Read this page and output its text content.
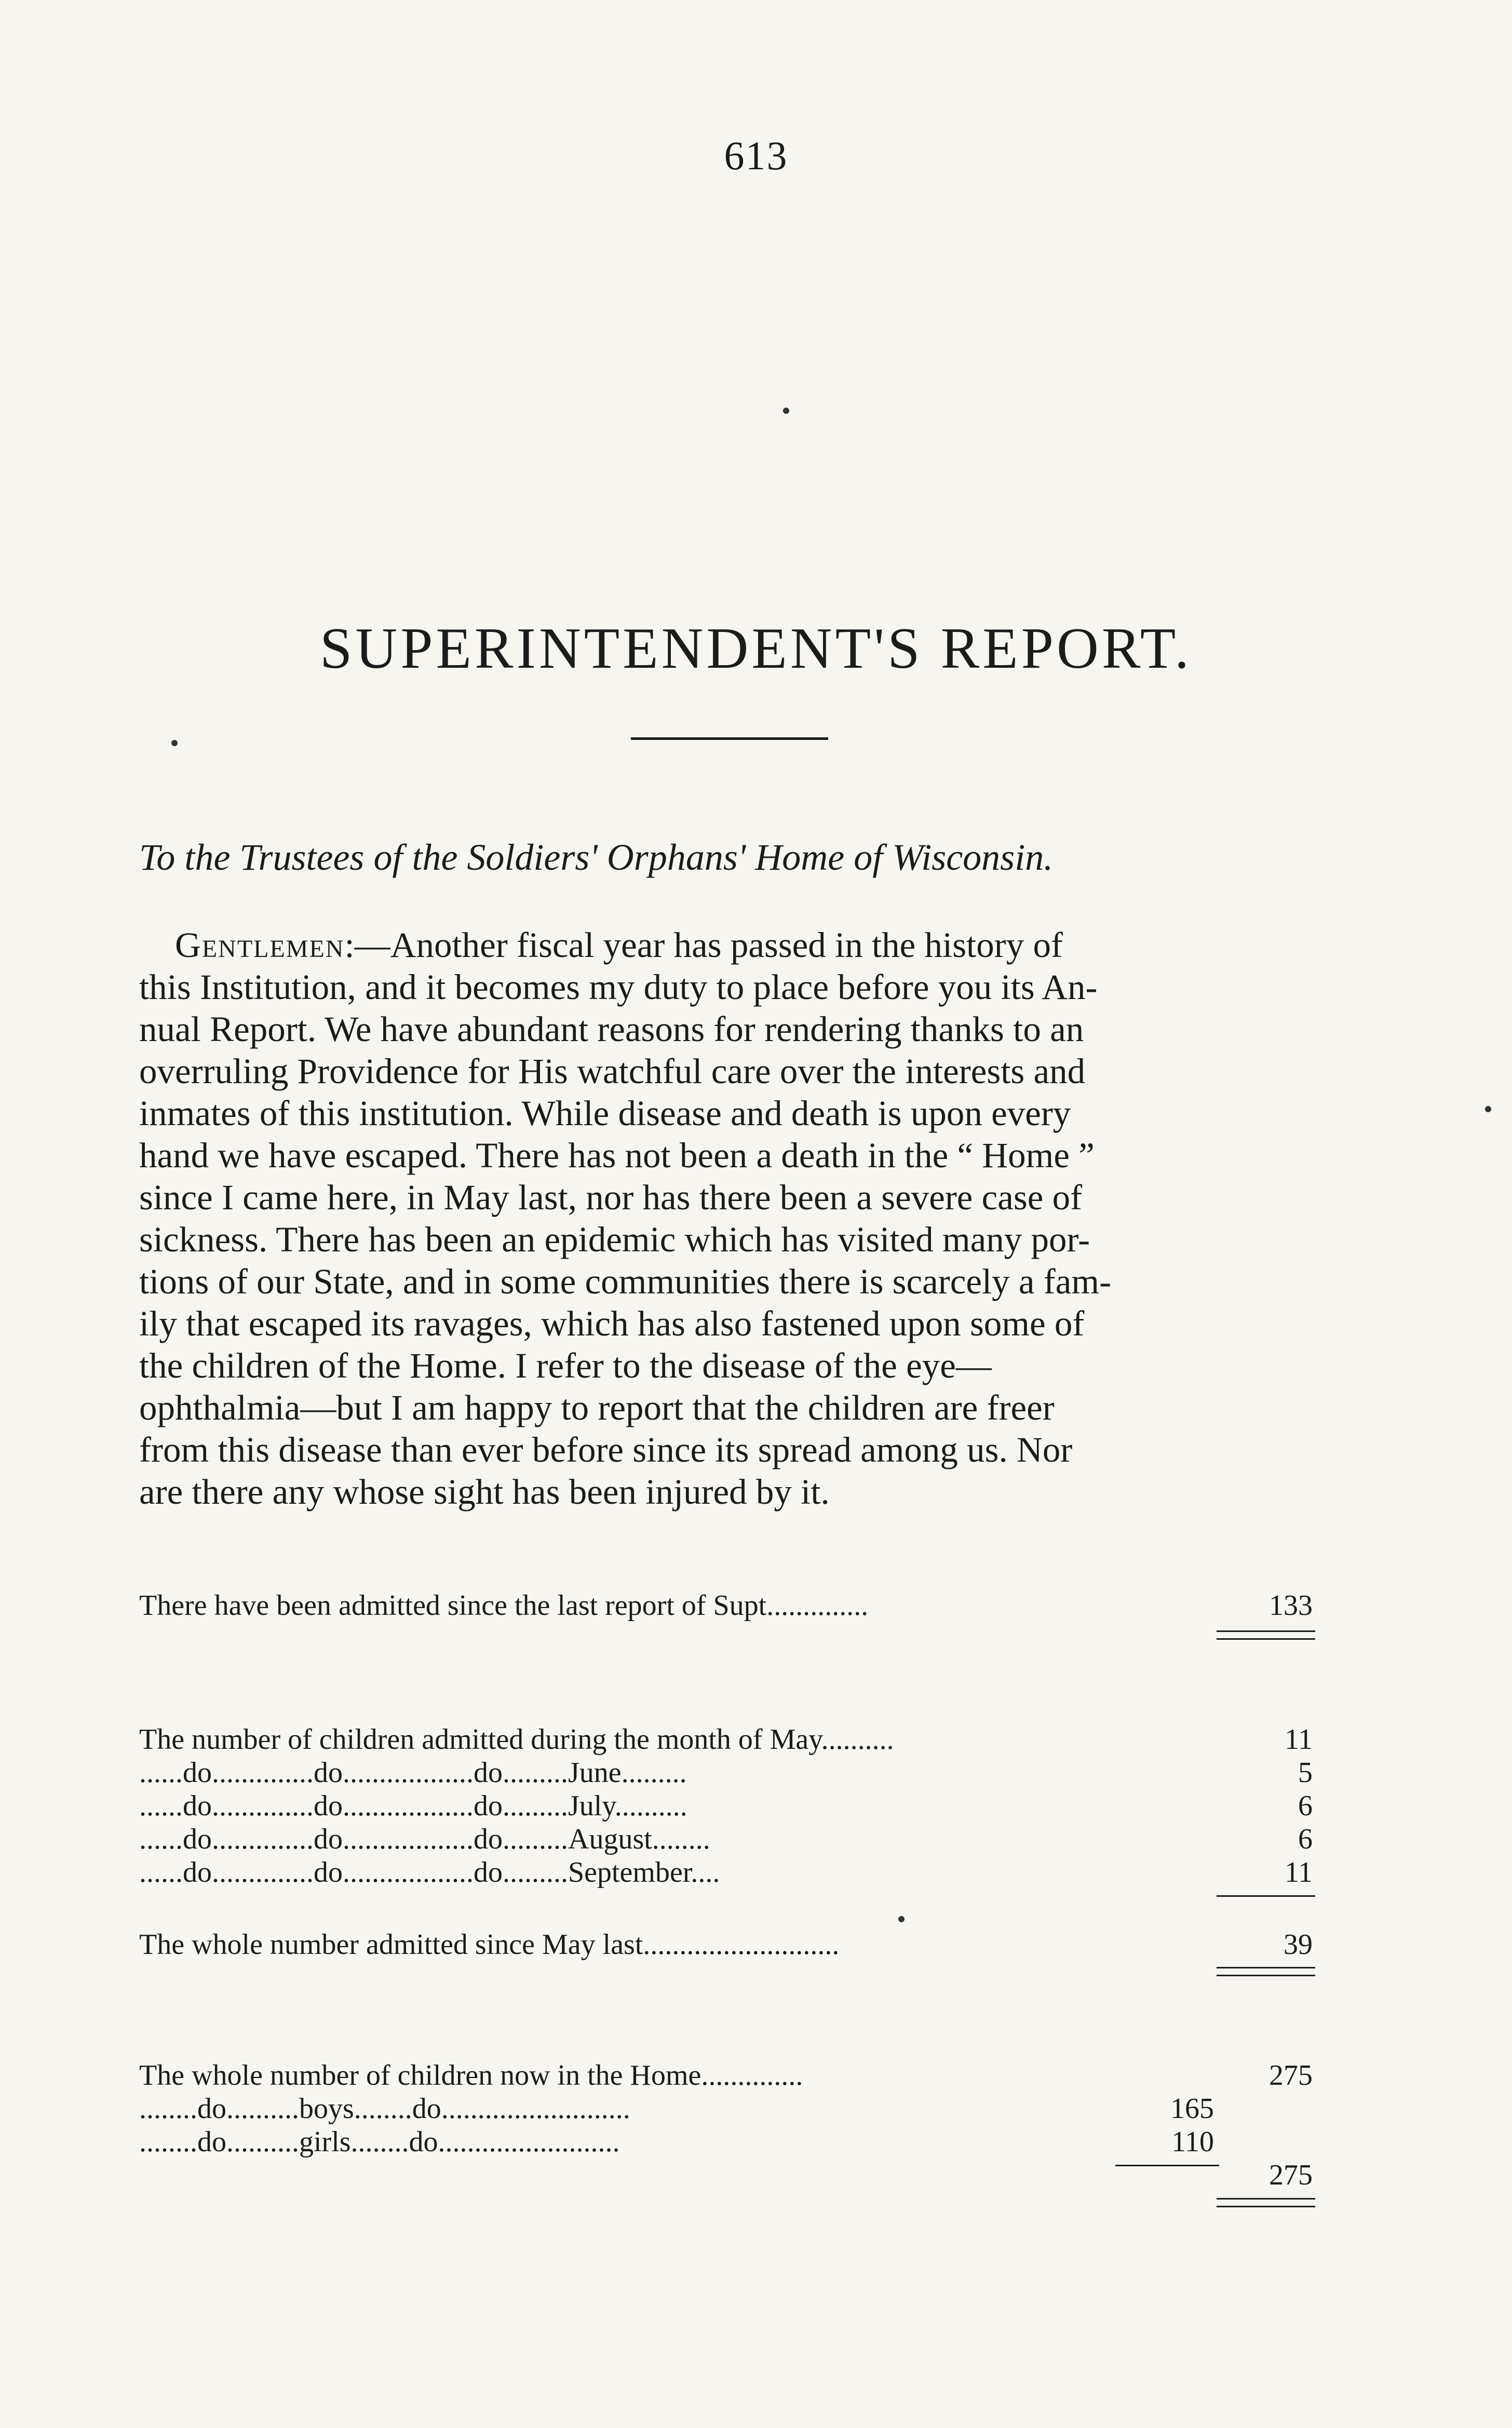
613
SUPERINTENDENT'S REPORT.
To the Trustees of the Soldiers' Orphans' Home of Wisconsin.
 Gentlemen:—Another fiscal year has passed in the history of
this Institution, and it becomes my duty to place before you its An-
nual Report. We have abundant reasons for rendering thanks to an
overruling Providence for His watchful care over the interests and
inmates of this institution. While disease and death is upon every
hand we have escaped. There has not been a death in the “ Home ”
since I came here, in May last, nor has there been a severe case of
sickness. There has been an epidemic which has visited many por-
tions of our State, and in some communities there is scarcely a fam-
ily that escaped its ravages, which has also fastened upon some of
the children of the Home. I refer to the disease of the eye—
ophthalmia—but I am happy to report that the children are freer
from this disease than ever before since its spread among us. Nor
are there any whose sight has been injured by it.
There have been admitted since the last report of Supt..............	133
The number of children admitted during the month of May..........	11
......do..............do..................do.........June.........	5
......do..............do..................do.........July..........	6
......do..............do..................do.........August........	6
......do..............do..................do.........September....	11
The whole number admitted since May last...........................	39
The whole number of children now in the Home..............	275
........do..........boys........do..........................	165
........do..........girls........do.........................	110
275
